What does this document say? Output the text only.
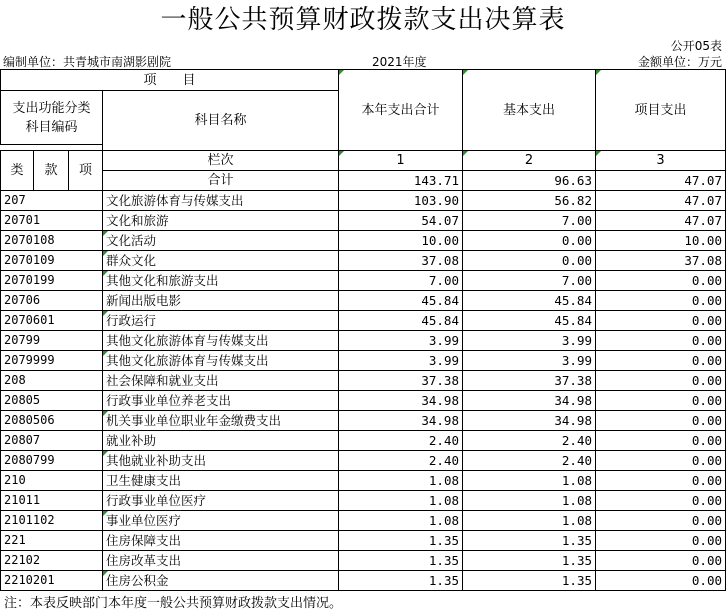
一般公共预算财政拨款支出决算表
公开05表
编制单位：共青城市南湖影剧院	2021年度	金额单位：万元
项　　目				本年支出合计	基本支出	项目支出
支出功能分类
科目编码			科目名称			

类	款	项	栏次	1	2	3
			合计	143.71	96.63	47.07
207			文化旅游体育与传媒支出	103.90	56.82	47.07
20701			文化和旅游	54.07	7.00	47.07
2070108			文化活动	10.00	0.00	10.00
2070109			群众文化	37.08	0.00	37.08
2070199			其他文化和旅游支出	7.00	7.00	0.00
20706			新闻出版电影	45.84	45.84	0.00
2070601			行政运行	45.84	45.84	0.00
20799			其他文化旅游体育与传媒支出	3.99	3.99	0.00
2079999			其他文化旅游体育与传媒支出	3.99	3.99	0.00
208			社会保障和就业支出	37.38	37.38	0.00
20805			行政事业单位养老支出	34.98	34.98	0.00
2080506			机关事业单位职业年金缴费支出	34.98	34.98	0.00
20807			就业补助	2.40	2.40	0.00
2080799			其他就业补助支出	2.40	2.40	0.00
210			卫生健康支出	1.08	1.08	0.00
21011			行政事业单位医疗	1.08	1.08	0.00
2101102			事业单位医疗	1.08	1.08	0.00
221			住房保障支出	1.35	1.35	0.00
22102			住房改革支出	1.35	1.35	0.00
2210201			住房公积金	1.35	1.35	0.00
注：本表反映部门本年度一般公共预算财政拨款支出情况。
